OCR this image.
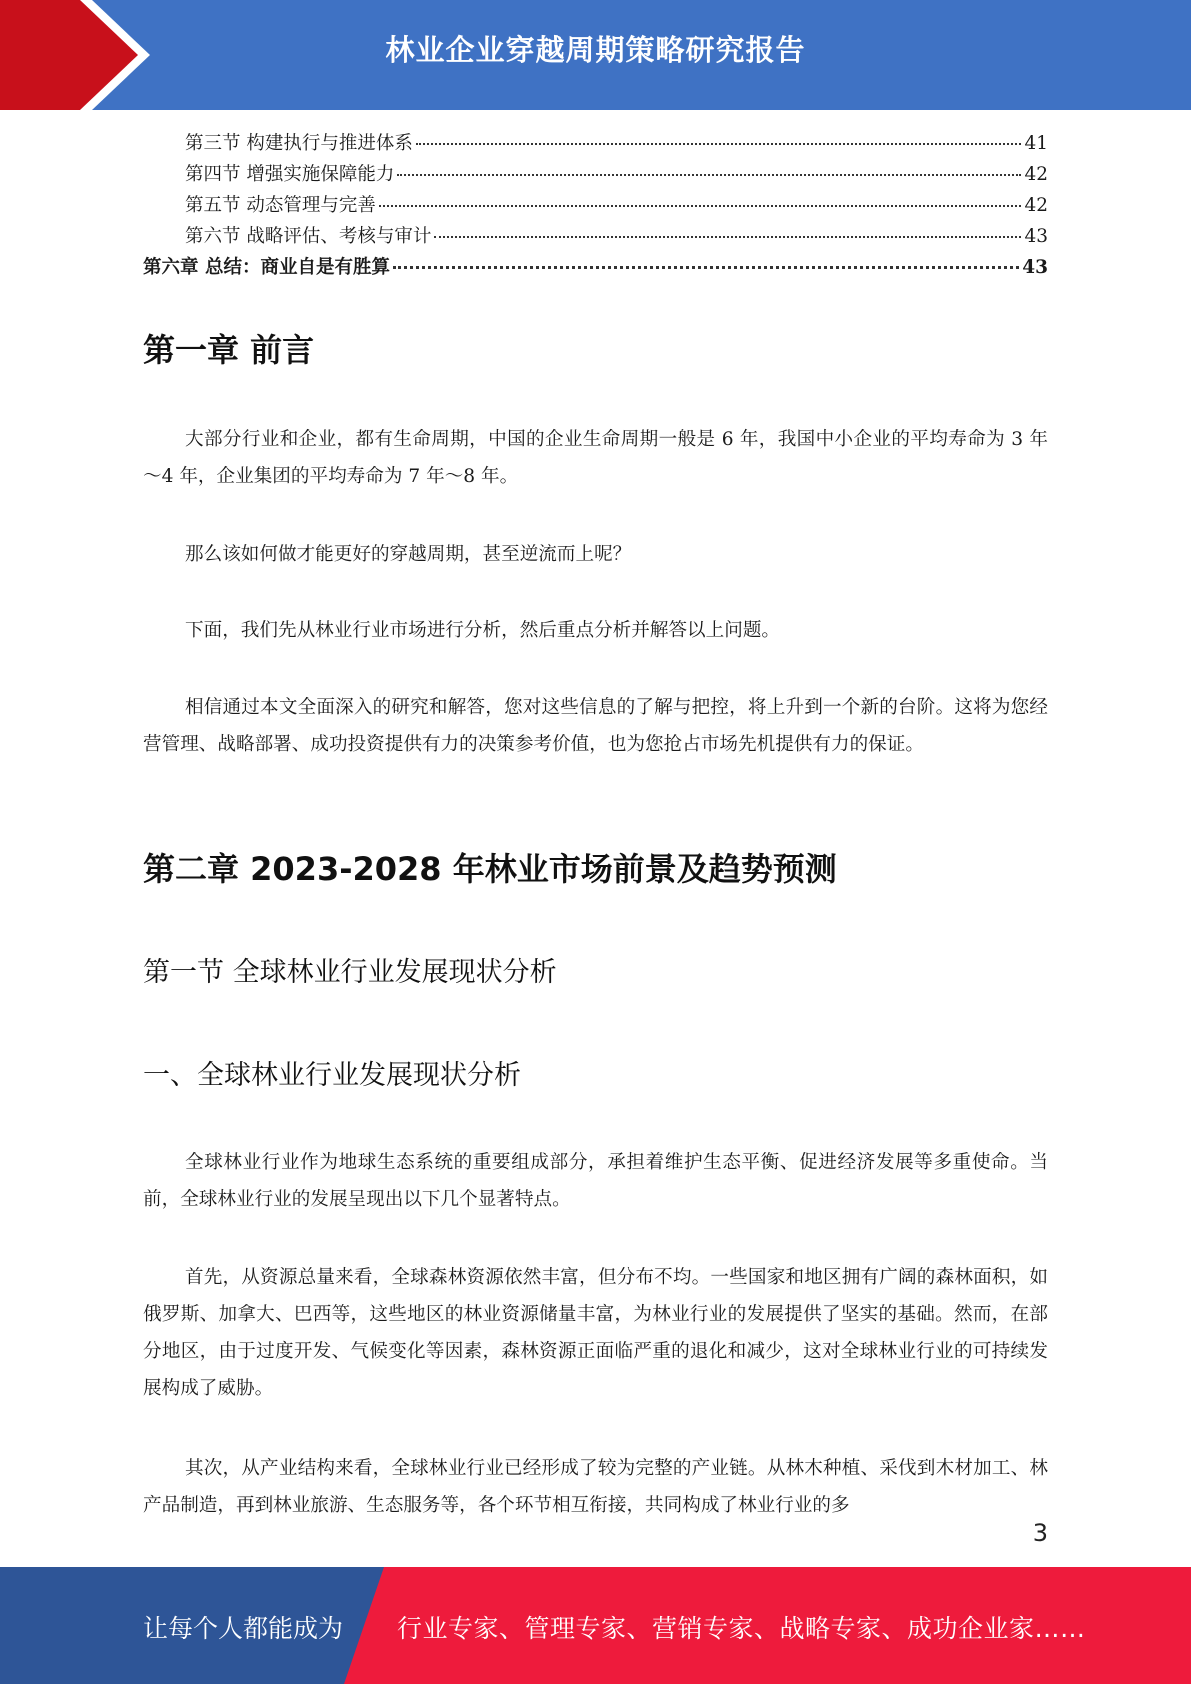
林业企业穿越周期策略研究报告
第三节 构建执行与推进体系	41
第四节 增强实施保障能力	42
第五节 动态管理与完善	42
第六节 战略评估、考核与审计	43
第六章 总结：商业自是有胜算	43
第一章 前言

大部分行业和企业，都有生命周期，中国的企业生命周期一般是 6 年，我国中小企业的平均寿命为 3 年～4 年，企业集团的平均寿命为 7 年～8 年。

那么该如何做才能更好的穿越周期，甚至逆流而上呢？

下面，我们先从林业行业市场进行分析，然后重点分析并解答以上问题。

相信通过本文全面深入的研究和解答，您对这些信息的了解与把控，将上升到一个新的台阶。这将为您经营管理、战略部署、成功投资提供有力的决策参考价值，也为您抢占市场先机提供有力的保证。

第二章 2023-2028 年林业市场前景及趋势预测
第一节 全球林业行业发展现状分析
一、全球林业行业发展现状分析

全球林业行业作为地球生态系统的重要组成部分，承担着维护生态平衡、促进经济发展等多重使命。当前，全球林业行业的发展呈现出以下几个显著特点。

首先，从资源总量来看，全球森林资源依然丰富，但分布不均。一些国家和地区拥有广阔的森林面积，如俄罗斯、加拿大、巴西等，这些地区的林业资源储量丰富，为林业行业的发展提供了坚实的基础。然而，在部分地区，由于过度开发、气候变化等因素，森林资源正面临严重的退化和减少，这对全球林业行业的可持续发展构成了威胁。

其次，从产业结构来看，全球林业行业已经形成了较为完整的产业链。从林木种植、采伐到木材加工、林产品制造，再到林业旅游、生态服务等，各个环节相互衔接，共同构成了林业行业的多

3
让每个人都能成为 行业专家、管理专家、营销专家、战略专家、成功企业家……
